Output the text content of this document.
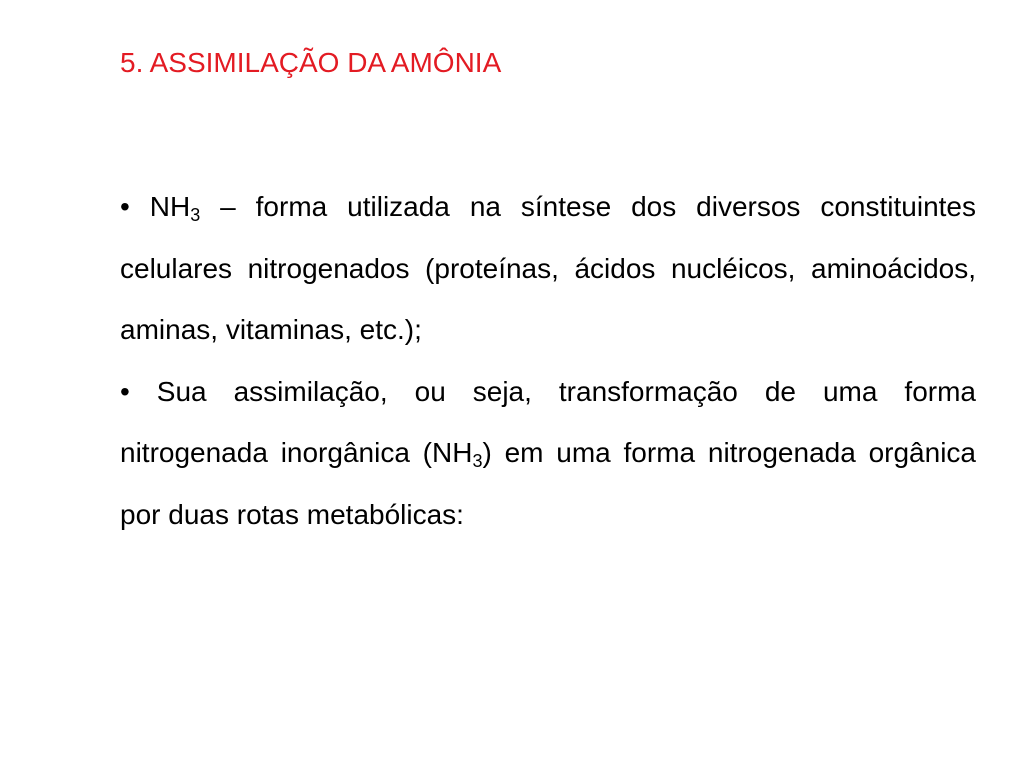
5. ASSIMILAÇÃO DA AMÔNIA

• $NH_3$ – forma utilizada na síntese dos diversos constituintes celulares nitrogenados (proteínas, ácidos nucléicos, aminoácidos, aminas, vitaminas, etc.);

• Sua assimilação, ou seja, transformação de uma forma nitrogenada inorgânica $(NH_3)$ em uma forma nitrogenada orgânica por duas rotas metabólicas:
